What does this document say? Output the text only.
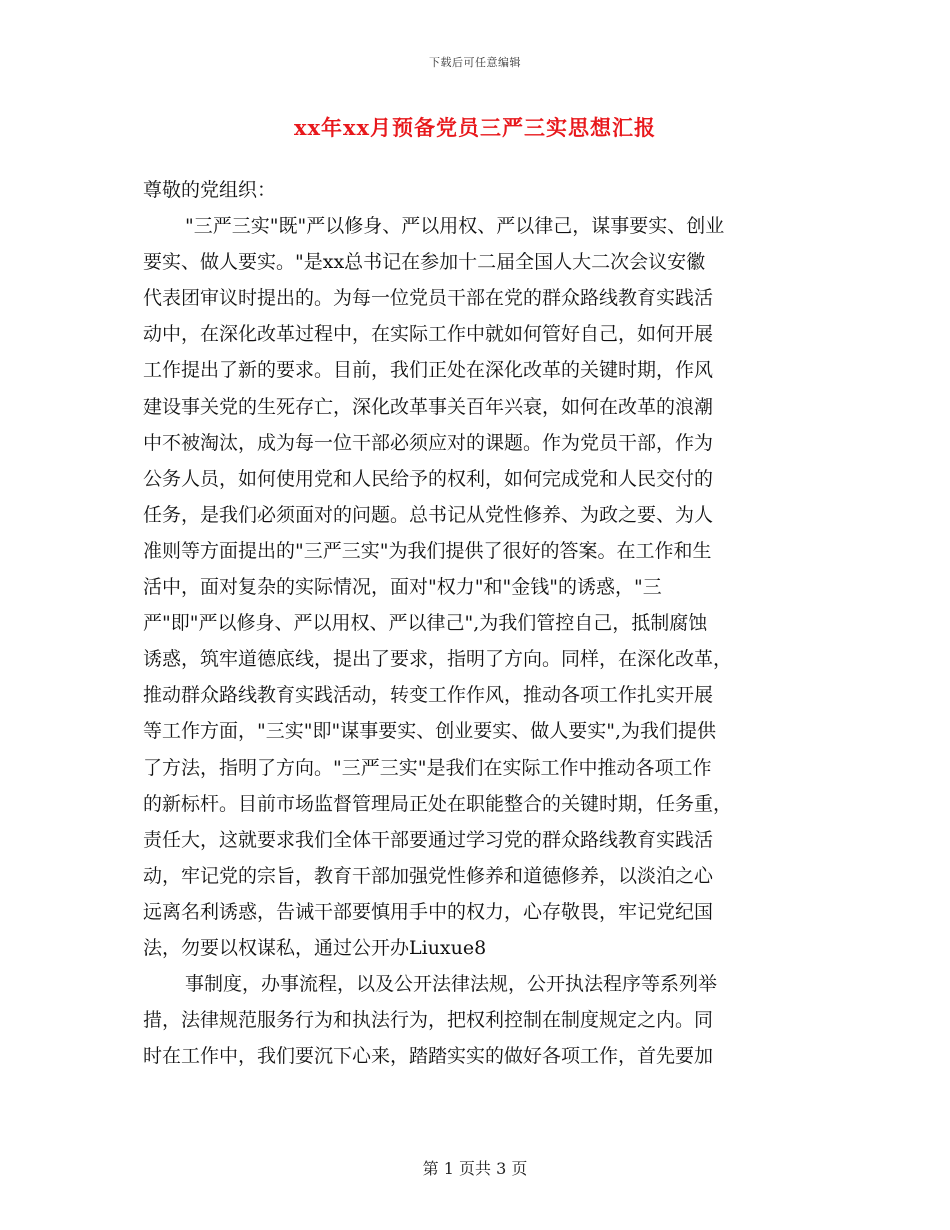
下载后可任意编辑
xx年xx月预备党员三严三实思想汇报

尊敬的党组织：

"三严三实"既"严以修身、严以用权、严以律己，谋事要实、创业
要实、做人要实。"是xx总书记在参加十二届全国人大二次会议安徽
代表团审议时提出的。为每一位党员干部在党的群众路线教育实践活
动中，在深化改革过程中，在实际工作中就如何管好自己，如何开展
工作提出了新的要求。目前，我们正处在深化改革的关键时期，作风
建设事关党的生死存亡，深化改革事关百年兴衰，如何在改革的浪潮
中不被淘汰，成为每一位干部必须应对的课题。作为党员干部，作为
公务人员，如何使用党和人民给予的权利，如何完成党和人民交付的
任务，是我们必须面对的问题。总书记从党性修养、为政之要、为人
准则等方面提出的"三严三实"为我们提供了很好的答案。在工作和生
活中，面对复杂的实际情况，面对"权力"和"金钱"的诱惑，"三
严"即"严以修身、严以用权、严以律己",为我们管控自己，抵制腐蚀
诱惑，筑牢道德底线，提出了要求，指明了方向。同样，在深化改革，
推动群众路线教育实践活动，转变工作作风，推动各项工作扎实开展
等工作方面，"三实"即"谋事要实、创业要实、做人要实",为我们提供
了方法，指明了方向。"三严三实"是我们在实际工作中推动各项工作
的新标杆。目前市场监督管理局正处在职能整合的关键时期，任务重，
责任大，这就要求我们全体干部要通过学习党的群众路线教育实践活
动，牢记党的宗旨，教育干部加强党性修养和道德修养，以淡泊之心
远离名利诱惑，告诫干部要慎用手中的权力，心存敬畏，牢记党纪国
法，勿要以权谋私，通过公开办Liuxue8
事制度，办事流程，以及公开法律法规，公开执法程序等系列举
措，法律规范服务行为和执法行为，把权利控制在制度规定之内。同
时在工作中，我们要沉下心来，踏踏实实的做好各项工作，首先要加
第 1 页共 3 页
